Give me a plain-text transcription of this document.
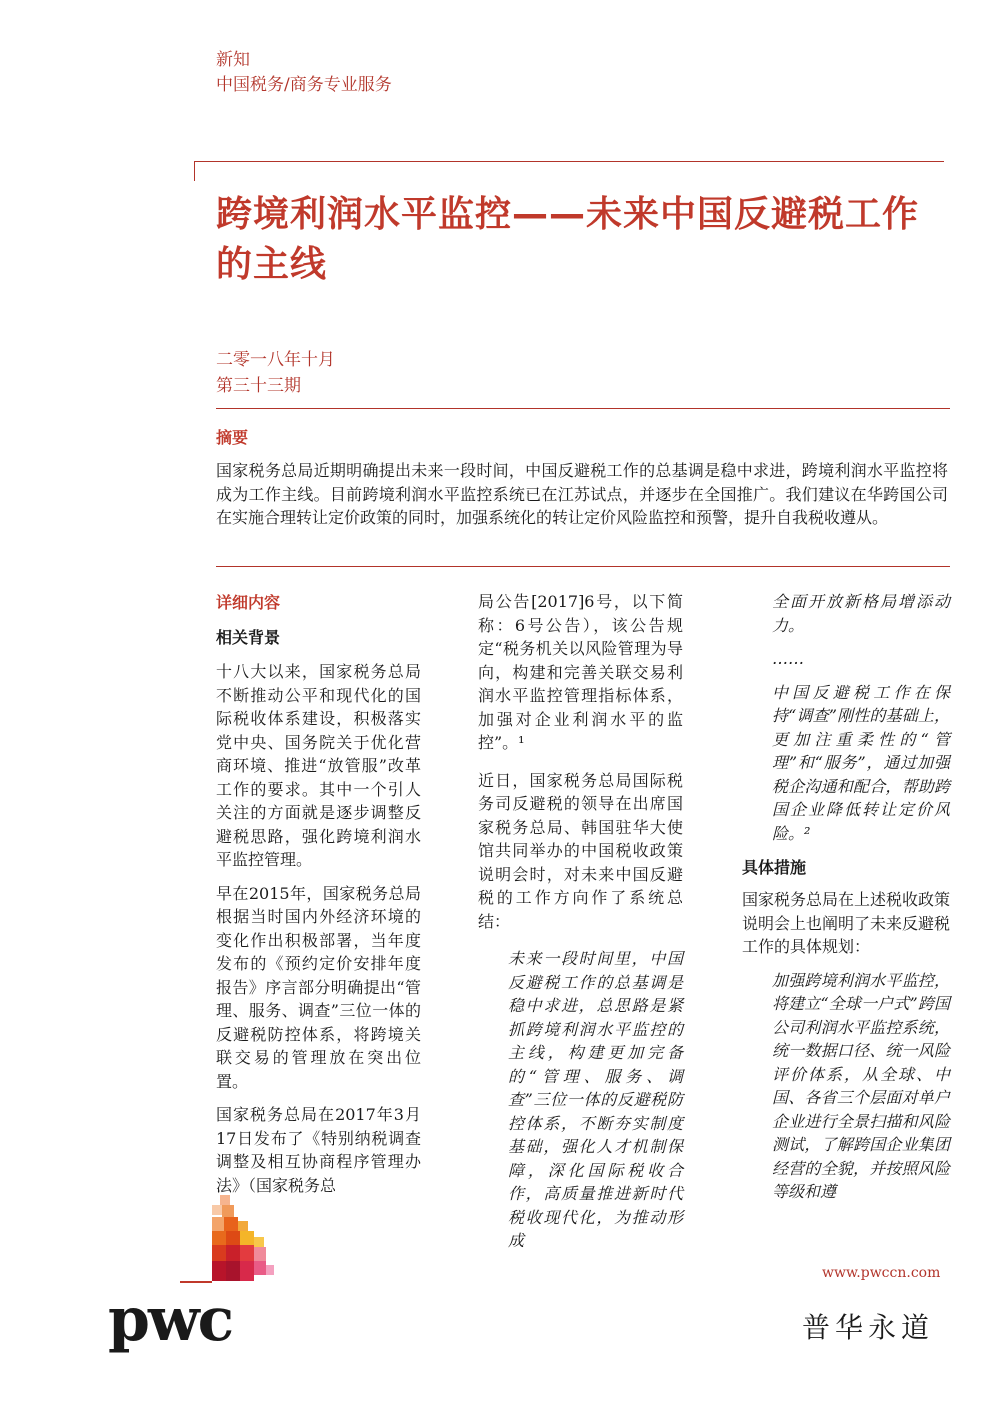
新知
中国税务/商务专业服务
跨境利润水平监控——未来中国反避税工作的主线
二零一八年十月
第三十三期
摘要

国家税务总局近期明确提出未来一段时间，中国反避税工作的总基调是稳中求进，跨境利润水平监控将成为工作主线。目前跨境利润水平监控系统已在江苏试点，并逐步在全国推广。我们建议在华跨国公司在实施合理转让定价政策的同时，加强系统化的转让定价风险监控和预警，提升自我税收遵从。

详细内容
相关背景

十八大以来，国家税务总局不断推动公平和现代化的国际税收体系建设，积极落实党中央、国务院关于优化营商环境、推进“放管服”改革工作的要求。其中一个引人关注的方面就是逐步调整反避税思路，强化跨境利润水平监控管理。

早在2015年，国家税务总局根据当时国内外经济环境的变化作出积极部署，当年度发布的《预约定价安排年度报告》序言部分明确提出“管理、服务、调查”三位一体的反避税防控体系，将跨境关联交易的管理放在突出位置。

国家税务总局在2017年3月17日发布了《特别纳税调查调整及相互协商程序管理办法》（国家税务总

局公告[2017]6号，以下简称：6号公告），该公告规定“税务机关以风险管理为导向，构建和完善关联交易利润水平监控管理指标体系，加强对企业利润水平的监控”。¹

近日，国家税务总局国际税务司反避税的领导在出席国家税务总局、韩国驻华大使馆共同举办的中国税收政策说明会时，对未来中国反避税的工作方向作了系统总结：

未来一段时间里，中国反避税工作的总基调是稳中求进，总思路是紧抓跨境利润水平监控的主线，构建更加完备的“管理、服务、调查”三位一体的反避税防控体系，不断夯实制度基础，强化人才机制保障，深化国际税收合作，高质量推进新时代税收现代化，为推动形成

全面开放新格局增添动力。

……

中国反避税工作在保持“调查”刚性的基础上，更加注重柔性的“管理”和“服务”，通过加强税企沟通和配合，帮助跨国企业降低转让定价风险。²

具体措施

国家税务总局在上述税收政策说明会上也阐明了未来反避税工作的具体规划：

加强跨境利润水平监控，将建立“全球一户式”跨国公司利润水平监控系统，统一数据口径、统一风险评价体系，从全球、中国、各省三个层面对单户企业进行全景扫描和风险测试，了解跨国企业集团经营的全貌，并按照风险等级和遵

pwc
www.pwccn.com
普华永道
